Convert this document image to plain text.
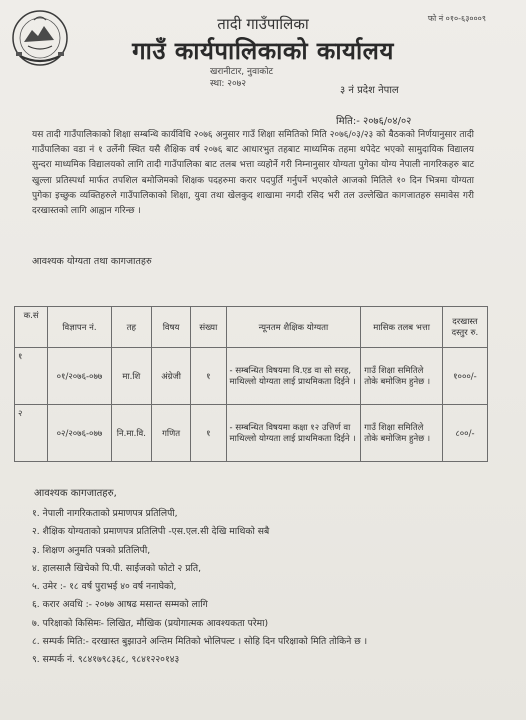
तादी गाउँपालिका	फो नं ०१०-६३०००९
गाउँ कार्यपालिकाको कार्यालय
खरानीटार, नुवाकोट
स्था: २०७२
३ नं प्रदेश नेपाल
मिति:- २०७६/०४/०२
यस तादी गाउँपालिकाको शिक्षा सम्बन्धि कार्यविधि २०७६ अनुसार गाउँ शिक्षा समितिको मिति २०७६/०३/२३ को बैठकको निर्णयानुसार तादी गाउँपालिका वडा नं १ उर्लेनी स्थित यसै शैक्षिक वर्ष २०७६ बाट आधारभुत तहबाट माध्यमिक तहमा थपेदेट भएको सामुदायिक विद्यालय सुन्दरा माध्यमिक विद्यालयको लागि तादी गाउँपालिका बाट तलब भत्ता व्यहोर्ने गरी निम्नानुसार योग्यता पुगेका योग्य नेपाली नागरिकहरु बाट खुल्ला प्रतिस्पर्धा मार्फत तपशिल बमोजिमको शिक्षक पदहरुमा करार पदपुर्ति गर्नुपर्ने भएकोले आजको मितिले १० दिन भित्रमा योग्यता पुगेका इच्छुक व्यक्तिहरुले गाउँपालिकाको शिक्षा, युवा तथा खेलकुद शाखामा नगदी रसिद भरी तल उल्लेखित कागजातहरु समावेस गरी दरखास्तको लागि आह्वान गरिन्छ ।
आवश्यक योग्यता तथा कागजातहरु
क.सं	विज्ञापन नं.	तह	विषय	संख्या	न्यूनतम शैक्षिक योग्यता	मासिक तलब भत्ता	दरखास्त दस्तुर रु.
१	०१/२०७६-०७७	मा.शि	अंग्रेजी	१	- सम्बन्धित विषयमा वि.एड वा सो सरह, माथिल्लो योग्यता लाई प्राथमिकता दिईने ।	गाउँ शिक्षा समितिले तोके बमोजिम हुनेछ ।	१०००/-
२	०२/२०७६-०७७	नि.मा.वि.	गणित	१	- सम्बन्धित विषयमा कक्षा १२ उत्तिर्ण वा माथिल्लो योग्यता लाई प्राथमिकता दिईने ।	गाउँ शिक्षा समितिले तोके बमोजिम हुनेछ ।	८००/-
आवश्यक कागजातहरु,
१. नेपाली नागरिकताको प्रमाणपत्र प्रतिलिपी,
२. शैक्षिक योग्यताको प्रमाणपत्र प्रतिलिपी -एस.एल.सी देखि माथिको सबै
३. शिक्षण अनुमति पत्रको प्रतिलिपी,
४. हालसालै खिचेको पि.पी. साईजको फोटो २ प्रति,
५. उमेर :- १८ वर्ष पुराभई ४० वर्ष ननाघेको,
६. करार अवधि :- २०७७ आषढ मसान्त सम्मको लागि
७. परिक्षाको किसिमः- लिखित, मौखिक (प्रयोगात्मक आवश्यकता परेमा)
८. सम्पर्क मिति:- दरखास्त बुझाउने अन्तिम मितिको भोलिपल्ट । सोहि दिन परिक्षाको मिति तोकिने छ ।
९. सम्पर्क नं. ९८४१७९८३६८, ९८४१२२०१४३
